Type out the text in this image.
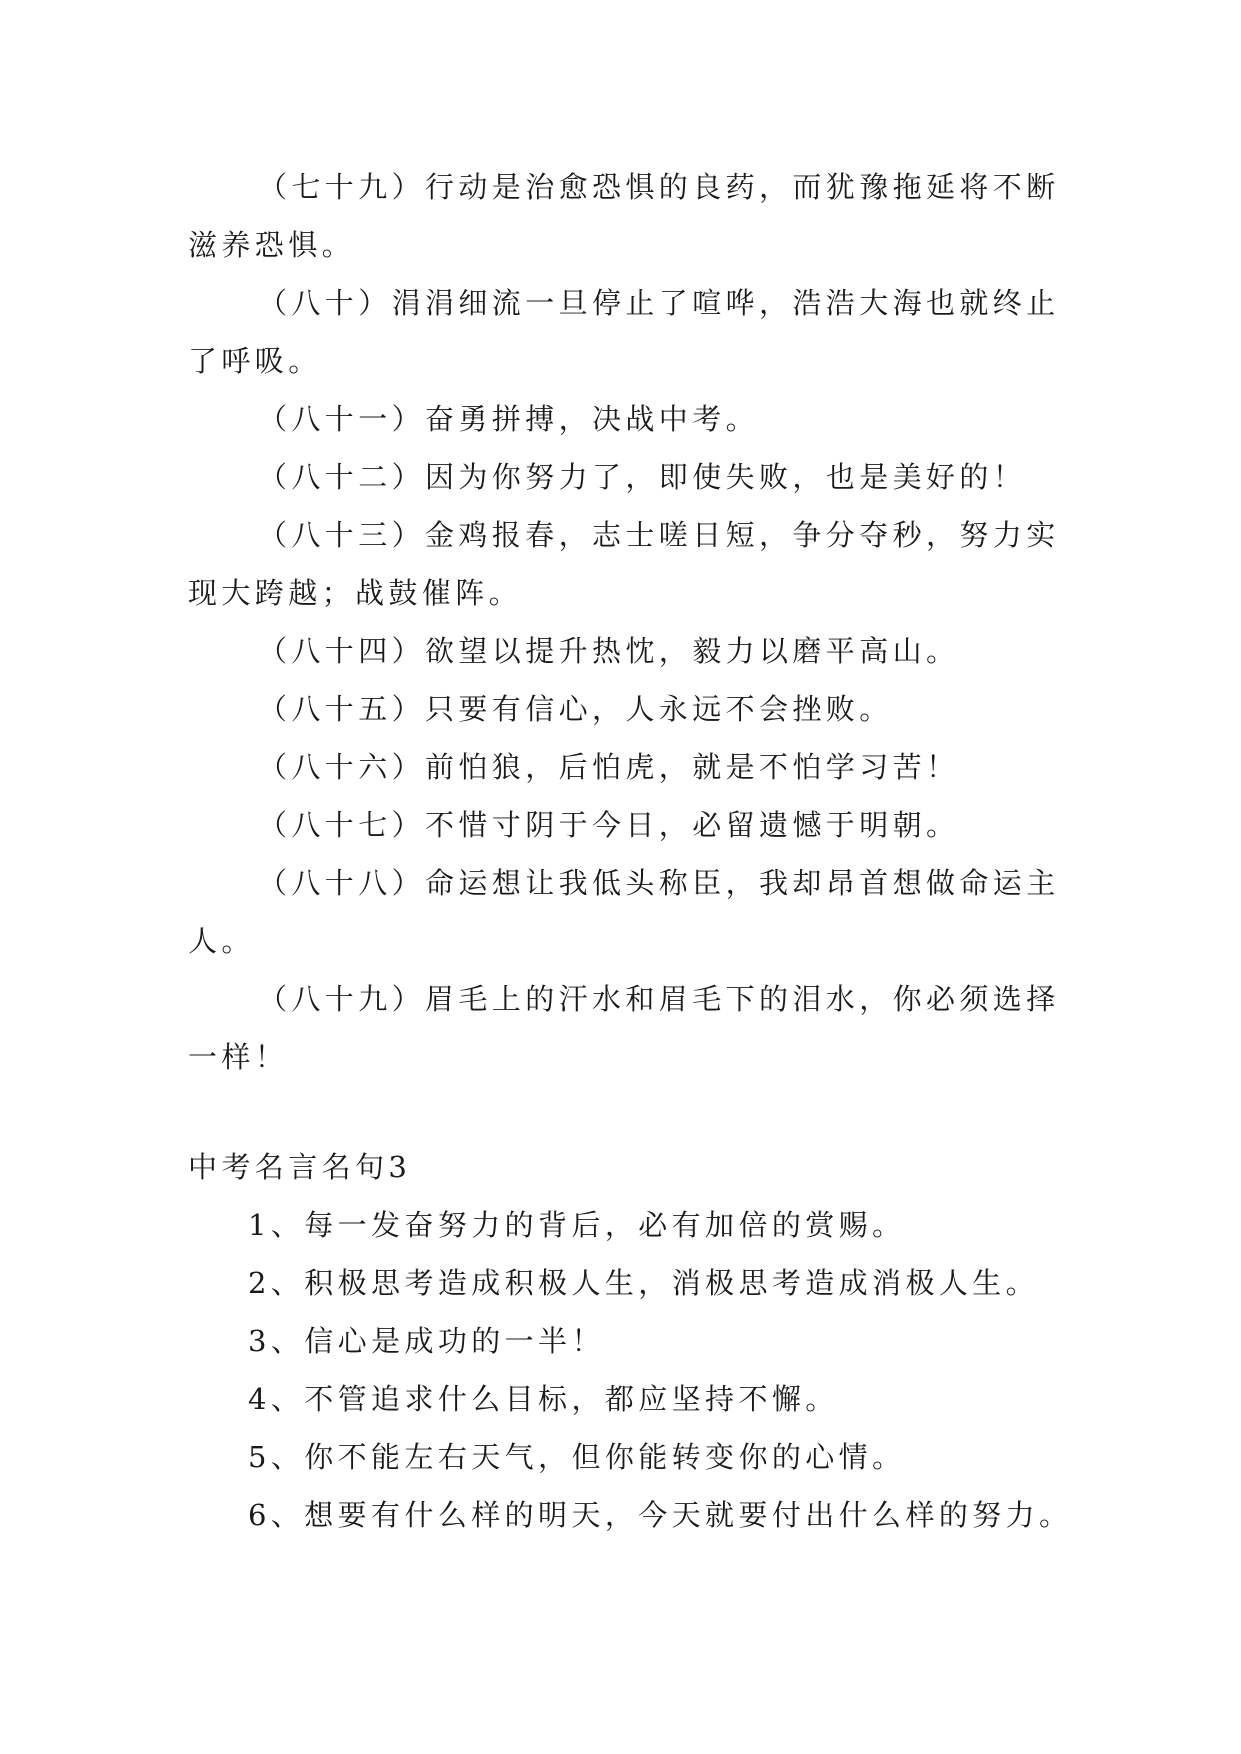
（七十九）行动是治愈恐惧的良药，而犹豫拖延将不断滋养恐惧。

（八十）涓涓细流一旦停止了喧哗，浩浩大海也就终止了呼吸。

（八十一）奋勇拼搏，决战中考。

（八十二）因为你努力了，即使失败，也是美好的！

（八十三）金鸡报春，志士嗟日短，争分夺秒，努力实现大跨越；战鼓催阵。

（八十四）欲望以提升热忱，毅力以磨平高山。

（八十五）只要有信心，人永远不会挫败。

（八十六）前怕狼，后怕虎，就是不怕学习苦！

（八十七）不惜寸阴于今日，必留遗憾于明朝。

（八十八）命运想让我低头称臣，我却昂首想做命运主人。

（八十九）眉毛上的汗水和眉毛下的泪水，你必须选择一样！

中考名言名句3

1、每一发奋努力的背后，必有加倍的赏赐。

2、积极思考造成积极人生，消极思考造成消极人生。

3、信心是成功的一半！

4、不管追求什么目标，都应坚持不懈。

5、你不能左右天气，但你能转变你的心情。

6、想要有什么样的明天，今天就要付出什么样的努力。
